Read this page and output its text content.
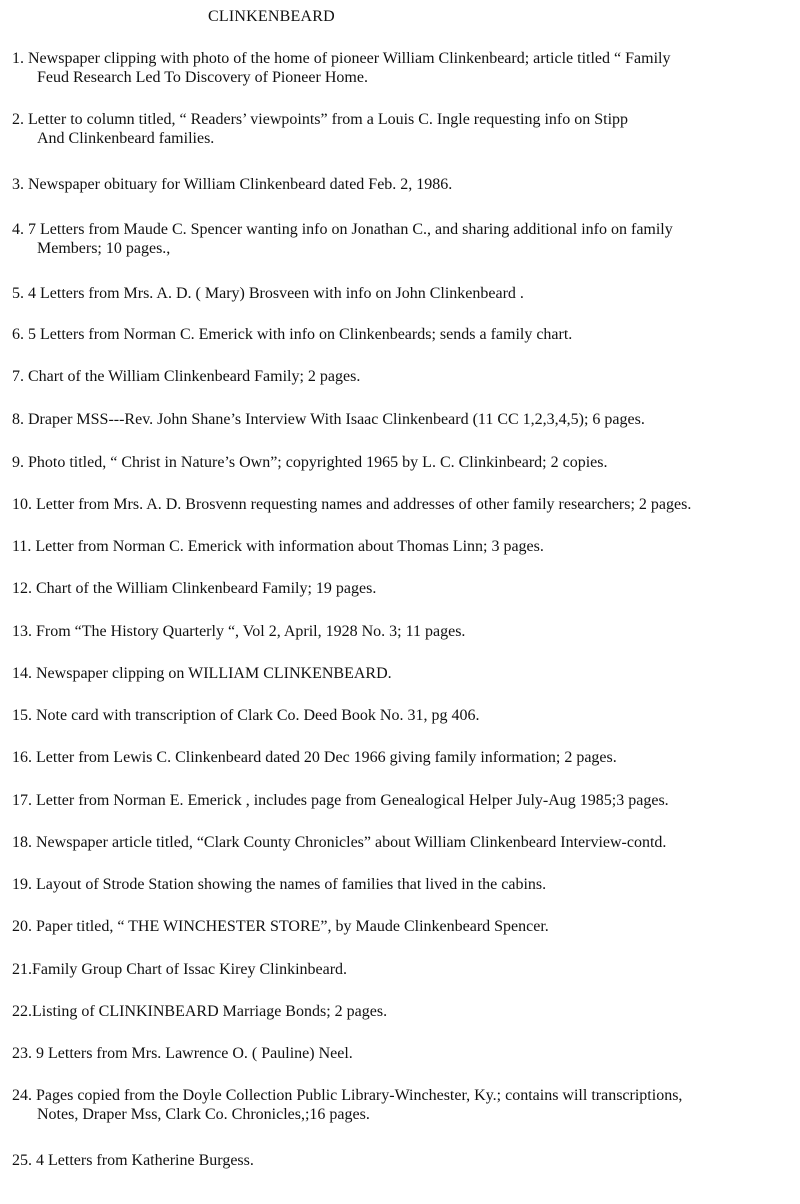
CLINKENBEARD
1. Newspaper clipping with photo of the home of pioneer William Clinkenbeard; article titled “ Family
Feud Research Led To Discovery of Pioneer Home.
2. Letter to column titled, “ Readers’ viewpoints” from a Louis C. Ingle requesting info on Stipp
And Clinkenbeard families.
3. Newspaper obituary for William Clinkenbeard dated Feb. 2, 1986.
4. 7 Letters from Maude C. Spencer wanting info on Jonathan C., and sharing additional info on family
Members; 10 pages.,
5. 4 Letters from Mrs. A. D. ( Mary) Brosveen with info on John Clinkenbeard .
6. 5 Letters from Norman C. Emerick with info on Clinkenbeards; sends a family chart.
7. Chart of the William Clinkenbeard Family; 2 pages.
8. Draper MSS---Rev. John Shane’s Interview With Isaac Clinkenbeard (11 CC 1,2,3,4,5); 6 pages.
9. Photo titled, “ Christ in Nature’s Own”; copyrighted 1965 by L. C. Clinkinbeard; 2 copies.
10. Letter from Mrs. A. D. Brosvenn requesting names and addresses of other family researchers; 2 pages.
11. Letter from Norman C. Emerick with information about Thomas Linn; 3 pages.
12. Chart of the William Clinkenbeard Family; 19 pages.
13. From “The History Quarterly “, Vol 2, April, 1928 No. 3; 11 pages.
14. Newspaper clipping on WILLIAM CLINKENBEARD.
15. Note card with transcription of Clark Co. Deed Book No. 31, pg 406.
16. Letter from Lewis C. Clinkenbeard dated 20 Dec 1966 giving family information; 2 pages.
17. Letter from Norman E. Emerick , includes page from Genealogical Helper July-Aug 1985;3 pages.
18. Newspaper article titled, “Clark County Chronicles” about William Clinkenbeard Interview-contd.
19. Layout of Strode Station showing the names of families that lived in the cabins.
20. Paper titled, “ THE WINCHESTER STORE”, by Maude Clinkenbeard Spencer.
21.Family Group Chart of Issac Kirey Clinkinbeard.
22.Listing of CLINKINBEARD Marriage Bonds; 2 pages.
23. 9 Letters from Mrs. Lawrence O. ( Pauline) Neel.
24. Pages copied from the Doyle Collection Public Library-Winchester, Ky.; contains will transcriptions,
Notes, Draper Mss, Clark Co. Chronicles,;16 pages.
25. 4 Letters from Katherine Burgess.
